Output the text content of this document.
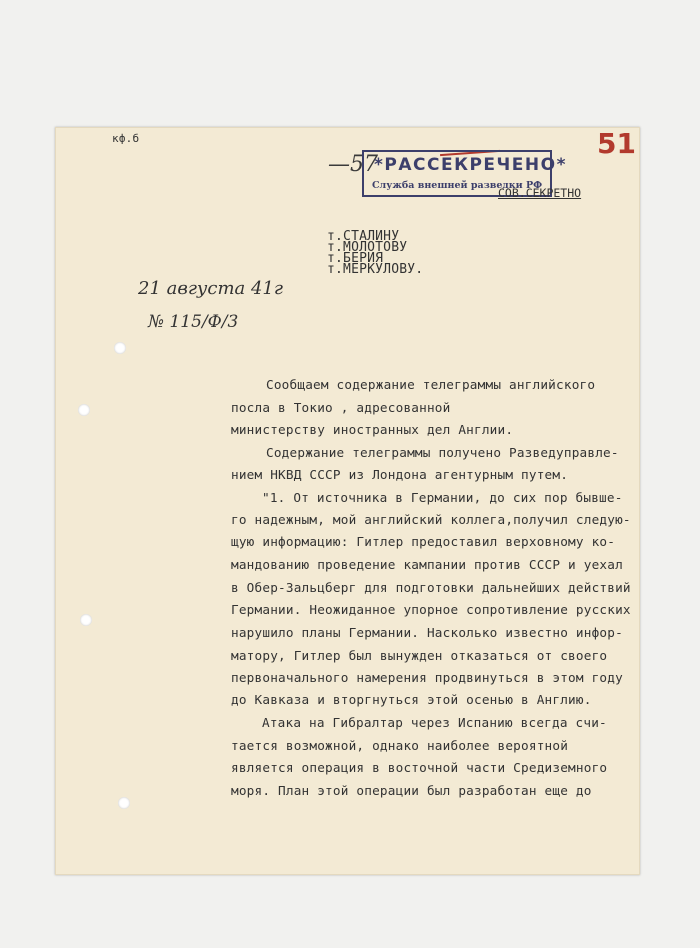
кф.б	51
—57
*РАССЕКРЕЧЕНО*
Служба внешней разведки РФ
СОВ.СЕКРЕТНО
т.СТАЛИНУ
т.МОЛОТОВУ
т.БЕРИЯ
т.МЕРКУЛОВУ.
21 августа 41г
№ 115/Ф/3
Сообщаем содержание телеграммы английского
посла в Токио , адресованной
министерству иностранных дел Англии.
Содержание телеграммы получено Разведуправле-
нием НКВД СССР из Лондона агентурным путем.
"1. От источника в Германии, до сих пор бывше-
го надежным, мой английский коллега,получил следую-
щую информацию: Гитлер предоставил верховному ко-
мандованию проведение кампании против СССР и уехал
в Обер-Зальцберг для подготовки дальнейших действий
Германии. Неожиданное упорное сопротивление русских
нарушило планы Германии. Насколько известно инфор-
матору, Гитлер был вынужден отказаться от своего
первоначального намерения продвинуться в этом году
до Кавказа и вторгнуться этой осенью в Англию.
Атака на Гибралтар через Испанию всегда счи-
тается возможной, однако наиболее вероятной
является операция в восточной части Средиземного
моря. План этой операции был разработан еще до
